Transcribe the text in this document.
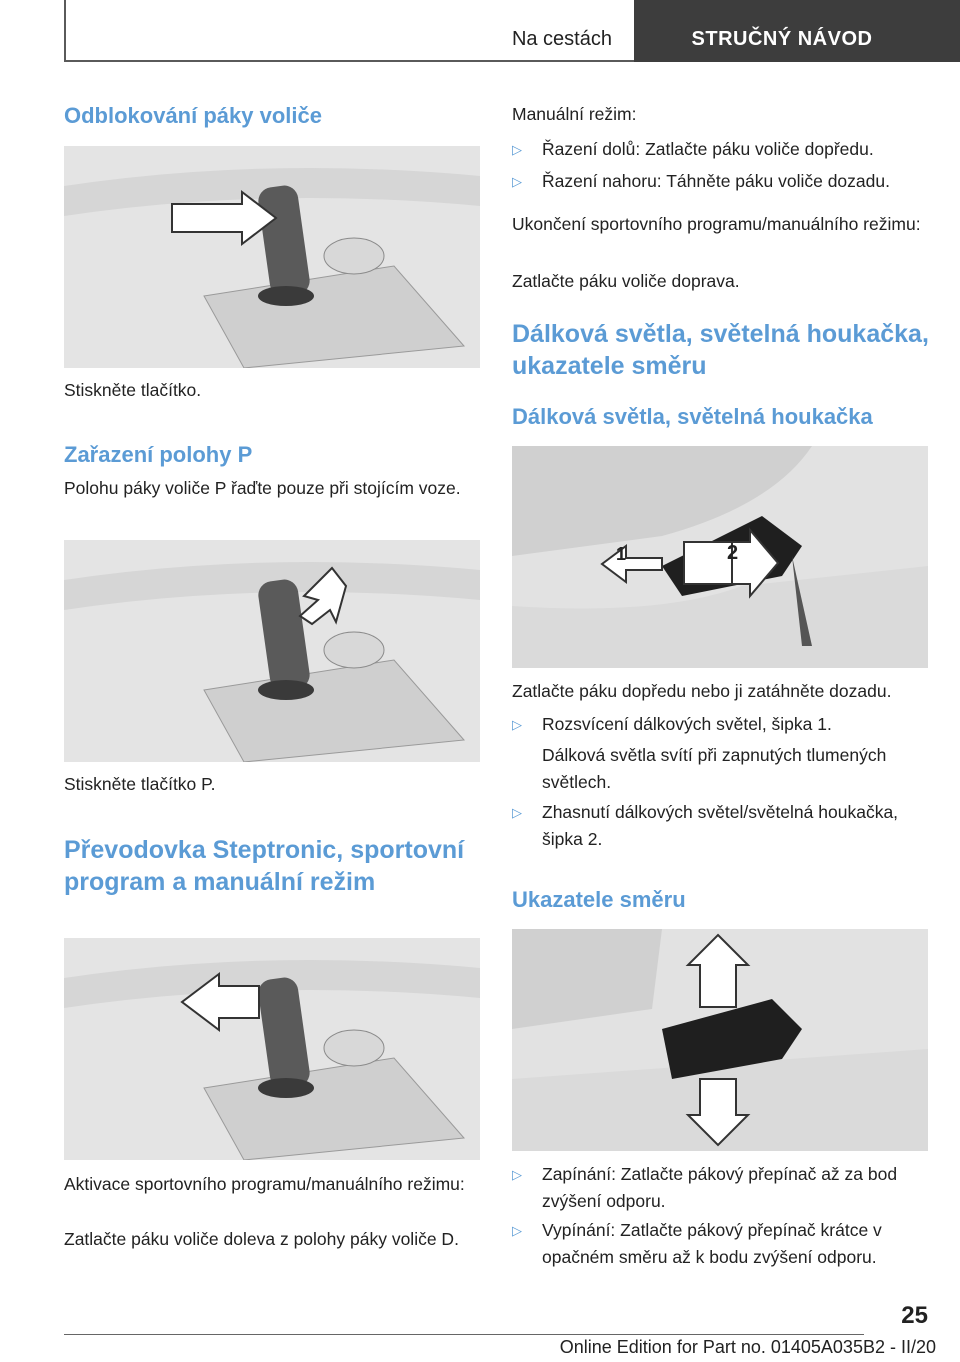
Na cestách	STRUČNÝ NÁVOD
Odblokování páky voliče

Stiskněte tlačítko.

Zařazení polohy P

Polohu páky voliče P řaďte pouze při stojícím voze.

Stiskněte tlačítko P.

Převodovka Steptronic, sportovní program a manuální režim

Aktivace sportovního programu/manuálního režimu:

Zatlačte páku voliče doleva z polohy páky voliče D.

Manuální režim:

▷ Řazení dolů: Zatlačte páku voliče dopředu.
▷ Řazení nahoru: Táhněte páku voliče dozadu.

Ukončení sportovního programu/manuálního režimu:

Zatlačte páku voliče doprava.

Dálková světla, světelná houkačka, ukazatele směru
Dálková světla, světelná houkačka
1	2

Zatlačte páku dopředu nebo ji zatáhněte dozadu.

▷ Rozsvícení dálkových světel, šipka 1.

Dálková světla svítí při zapnutých tlumených světlech.

▷ Zhasnutí dálkových světel/světelná houkačka, šipka 2.
Ukazatele směru
▷ Zapínání: Zatlačte pákový přepínač až za bod zvýšení odporu.
▷ Vypínání: Zatlačte pákový přepínač krátce v opačném směru až k bodu zvýšení odporu.
25
Online Edition for Part no. 01405A035B2 - II/20
